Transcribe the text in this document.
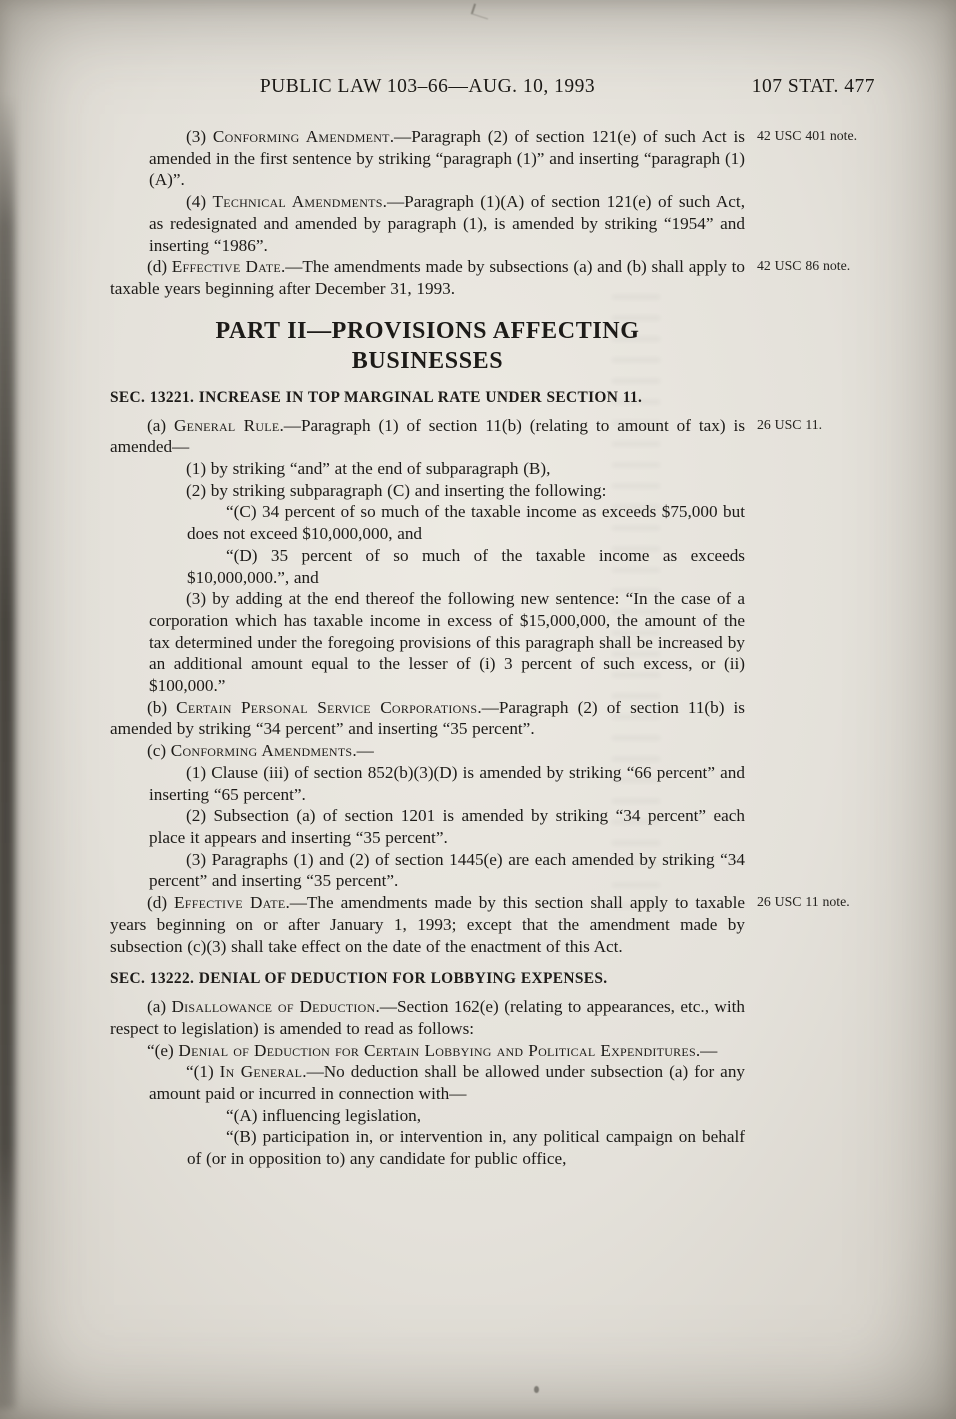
PUBLIC LAW 103–66—AUG. 10, 1993	107 STAT. 477
(3) Conforming Amendment.—Paragraph (2) of section 121(e) of such Act is amended in the first sentence by striking “paragraph (1)” and inserting “paragraph (1)(A)”.
42 USC 401 note.
(4) Technical Amendments.—Paragraph (1)(A) of section 121(e) of such Act, as redesignated and amended by paragraph (1), is amended by striking “1954” and inserting “1986”.
(d) Effective Date.—The amendments made by subsections (a) and (b) shall apply to taxable years beginning after December 31, 1993.
42 USC 86 note.
PART II—PROVISIONS AFFECTING
BUSINESSES
SEC. 13221. INCREASE IN TOP MARGINAL RATE UNDER SECTION 11.
(a) General Rule.—Paragraph (1) of section 11(b) (relating to amount of tax) is amended—
26 USC 11.
(1) by striking “and” at the end of subparagraph (B),
(2) by striking subparagraph (C) and inserting the following:
“(C) 34 percent of so much of the taxable income as exceeds $75,000 but does not exceed $10,000,000, and
“(D) 35 percent of so much of the taxable income as exceeds $10,000,000.”, and
(3) by adding at the end thereof the following new sentence: “In the case of a corporation which has taxable income in excess of $15,000,000, the amount of the tax determined under the foregoing provisions of this paragraph shall be increased by an additional amount equal to the lesser of (i) 3 percent of such excess, or (ii) $100,000.”
(b) Certain Personal Service Corporations.—Paragraph (2) of section 11(b) is amended by striking “34 percent” and inserting “35 percent”.
(c) Conforming Amendments.—
(1) Clause (iii) of section 852(b)(3)(D) is amended by striking “66 percent” and inserting “65 percent”.
(2) Subsection (a) of section 1201 is amended by striking “34 percent” each place it appears and inserting “35 percent”.
(3) Paragraphs (1) and (2) of section 1445(e) are each amended by striking “34 percent” and inserting “35 percent”.
(d) Effective Date.—The amendments made by this section shall apply to taxable years beginning on or after January 1, 1993; except that the amendment made by subsection (c)(3) shall take effect on the date of the enactment of this Act.
26 USC 11 note.
SEC. 13222. DENIAL OF DEDUCTION FOR LOBBYING EXPENSES.
(a) Disallowance of Deduction.—Section 162(e) (relating to appearances, etc., with respect to legislation) is amended to read as follows:
“(e) Denial of Deduction for Certain Lobbying and Political Expenditures.—
“(1) In General.—No deduction shall be allowed under subsection (a) for any amount paid or incurred in connection with—
“(A) influencing legislation,
“(B) participation in, or intervention in, any political campaign on behalf of (or in opposition to) any candidate for public office,
